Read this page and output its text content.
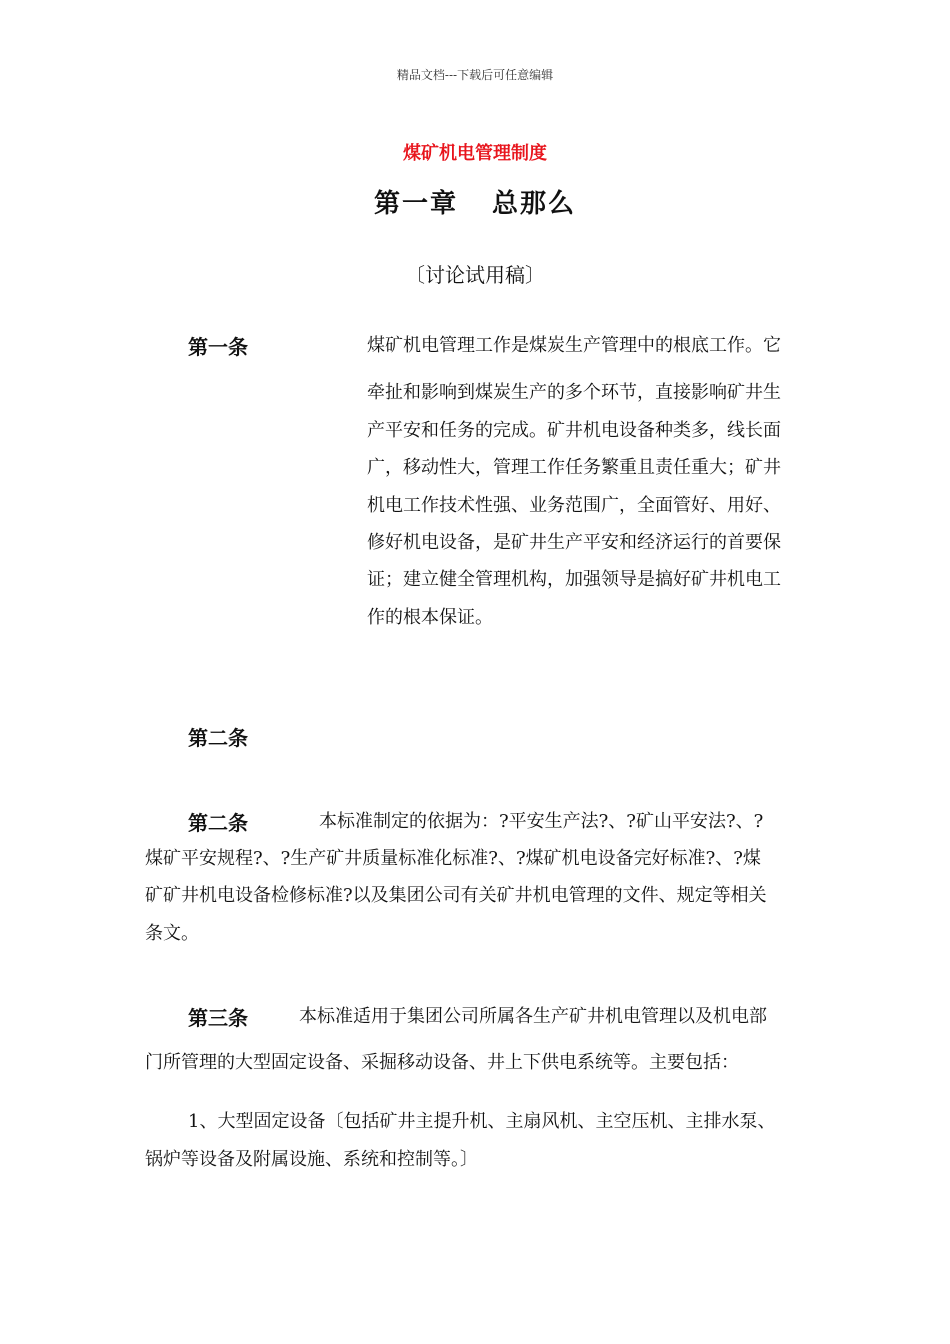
精品文档---下载后可任意编辑
煤矿机电管理制度
第一章 总那么
〔讨论试用稿〕
第一条	煤矿机电管理工作是煤炭生产管理中的根底工作。它
牵扯和影响到煤炭生产的多个环节，直接影响矿井生
产平安和任务的完成。矿井机电设备种类多，线长面
广，移动性大，管理工作任务繁重且责任重大；矿井
机电工作技术性强、业务范围广，全面管好、用好、
修好机电设备，是矿井生产平安和经济运行的首要保
证；建立健全管理机构，加强领导是搞好矿井机电工
作的根本保证。
第二条
第二条	本标准制定的依据为：?平安生产法?、?矿山平安法?、?
煤矿平安规程?、?生产矿井质量标准化标准?、?煤矿机电设备完好标准?、?煤
矿矿井机电设备检修标准?以及集团公司有关矿井机电管理的文件、规定等相关
条文。
第三条	本标准适用于集团公司所属各生产矿井机电管理以及机电部
门所管理的大型固定设备、采掘移动设备、井上下供电系统等。主要包括：
1、大型固定设备〔包括矿井主提升机、主扇风机、主空压机、主排水泵、
锅炉等设备及附属设施、系统和控制等。〕
